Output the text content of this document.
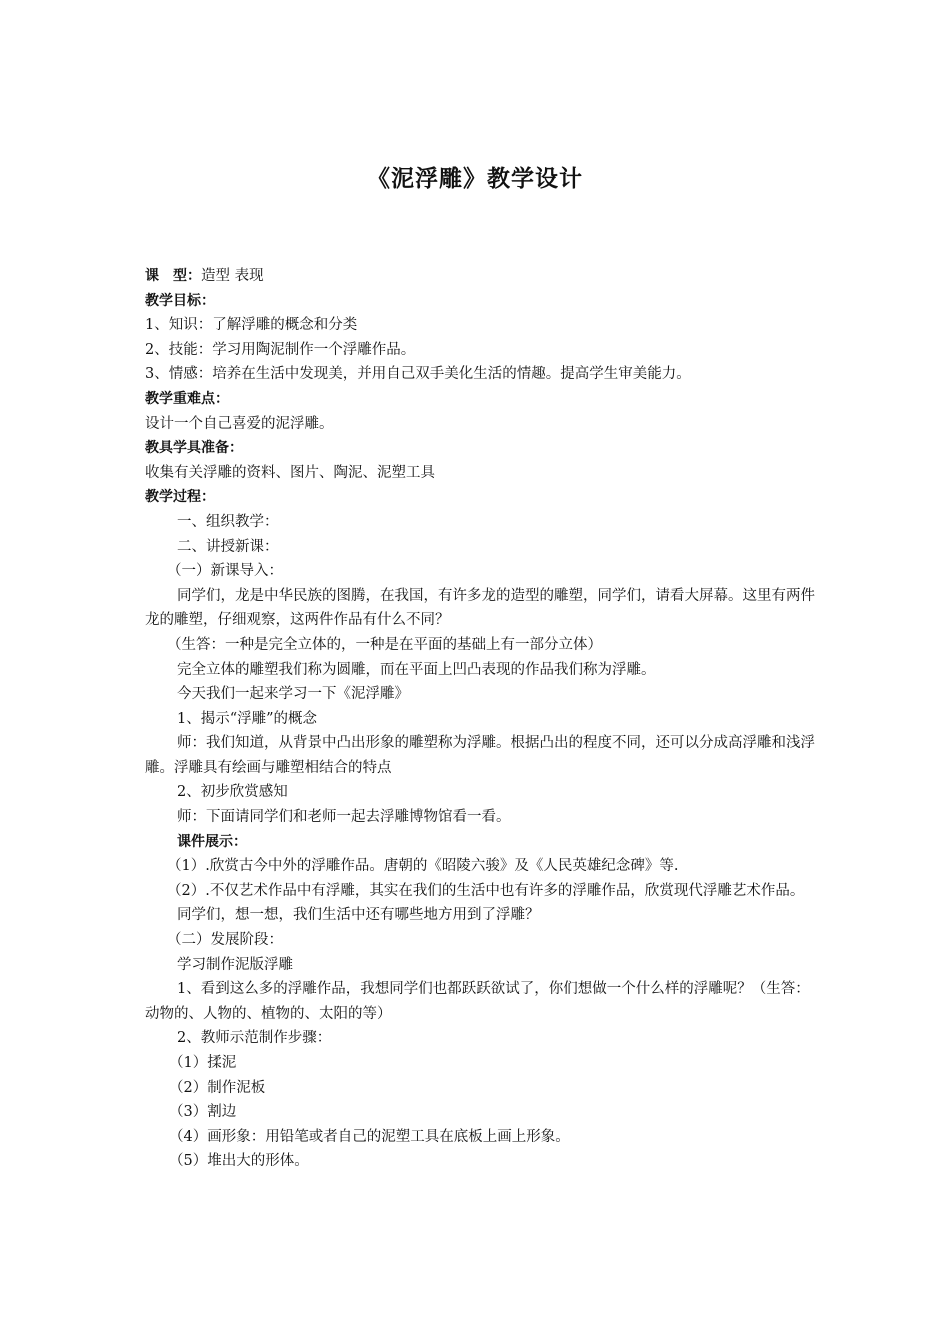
《泥浮雕》教学设计

课　型：造型 表现

教学目标：

1、知识：了解浮雕的概念和分类

2、技能：学习用陶泥制作一个浮雕作品。

3、情感：培养在生活中发现美，并用自己双手美化生活的情趣。提高学生审美能力。

教学重难点：

设计一个自己喜爱的泥浮雕。

教具学具准备：

收集有关浮雕的资料、图片、陶泥、泥塑工具

教学过程：

一、组织教学：

二、讲授新课：

（一）新课导入：

同学们，龙是中华民族的图腾，在我国，有许多龙的造型的雕塑，同学们，请看大屏幕。这里有两件龙的雕塑，仔细观察，这两件作品有什么不同？

（生答：一种是完全立体的，一种是在平面的基础上有一部分立体）

完全立体的雕塑我们称为圆雕，而在平面上凹凸表现的作品我们称为浮雕。

今天我们一起来学习一下《泥浮雕》

1、揭示“浮雕”的概念

师：我们知道，从背景中凸出形象的雕塑称为浮雕。根据凸出的程度不同，还可以分成高浮雕和浅浮雕。浮雕具有绘画与雕塑相结合的特点

2、初步欣赏感知

师：下面请同学们和老师一起去浮雕博物馆看一看。

课件展示：

（1）.欣赏古今中外的浮雕作品。唐朝的《昭陵六骏》及《人民英雄纪念碑》等.

（2）.不仅艺术作品中有浮雕，其实在我们的生活中也有许多的浮雕作品，欣赏现代浮雕艺术作品。

同学们，想一想，我们生活中还有哪些地方用到了浮雕？

（二）发展阶段：

学习制作泥版浮雕

1、看到这么多的浮雕作品，我想同学们也都跃跃欲试了，你们想做一个什么样的浮雕呢？（生答：动物的、人物的、植物的、太阳的等）

2、教师示范制作步骤：

（1）揉泥

（2）制作泥板

（3）割边

（4）画形象：用铅笔或者自己的泥塑工具在底板上画上形象。

（5）堆出大的形体。
